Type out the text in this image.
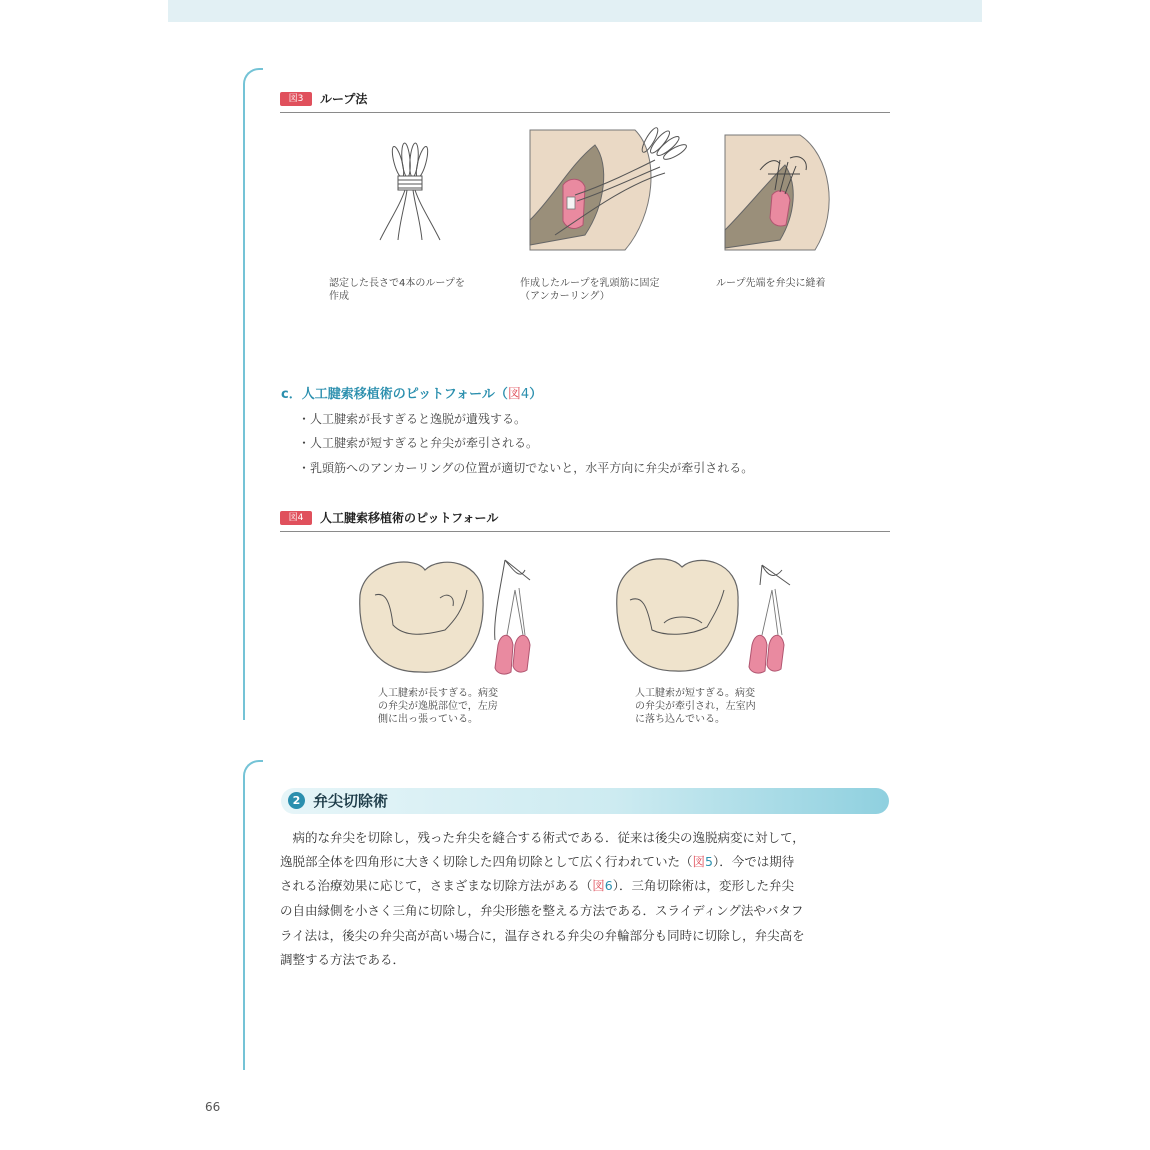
図3	ループ法
認定した長さで4本のループを
作成
作成したループを乳頭筋に固定
（アンカーリング）
ループ先端を弁尖に縫着
c．人工腱索移植術のピットフォール（図4）
・人工腱索が長すぎると逸脱が遺残する。
・人工腱索が短すぎると弁尖が牽引される。
・乳頭筋へのアンカーリングの位置が適切でないと，水平方向に弁尖が牽引される。
図4	人工腱索移植術のピットフォール
人工腱索が長すぎる。病変
の弁尖が逸脱部位で，左房
側に出っ張っている。
人工腱索が短すぎる。病変
の弁尖が牽引され，左室内
に落ち込んでいる。
2 弁尖切除術
　病的な弁尖を切除し，残った弁尖を縫合する術式である．従来は後尖の逸脱病変に対して，
逸脱部全体を四角形に大きく切除した四角切除として広く行われていた（図5）．今では期待
される治療効果に応じて，さまざまな切除方法がある（図6）．三角切除術は，変形した弁尖
の自由縁側を小さく三角に切除し，弁尖形態を整える方法である．スライディング法やバタフ
ライ法は，後尖の弁尖高が高い場合に，温存される弁尖の弁輪部分も同時に切除し，弁尖高を
調整する方法である．
66
